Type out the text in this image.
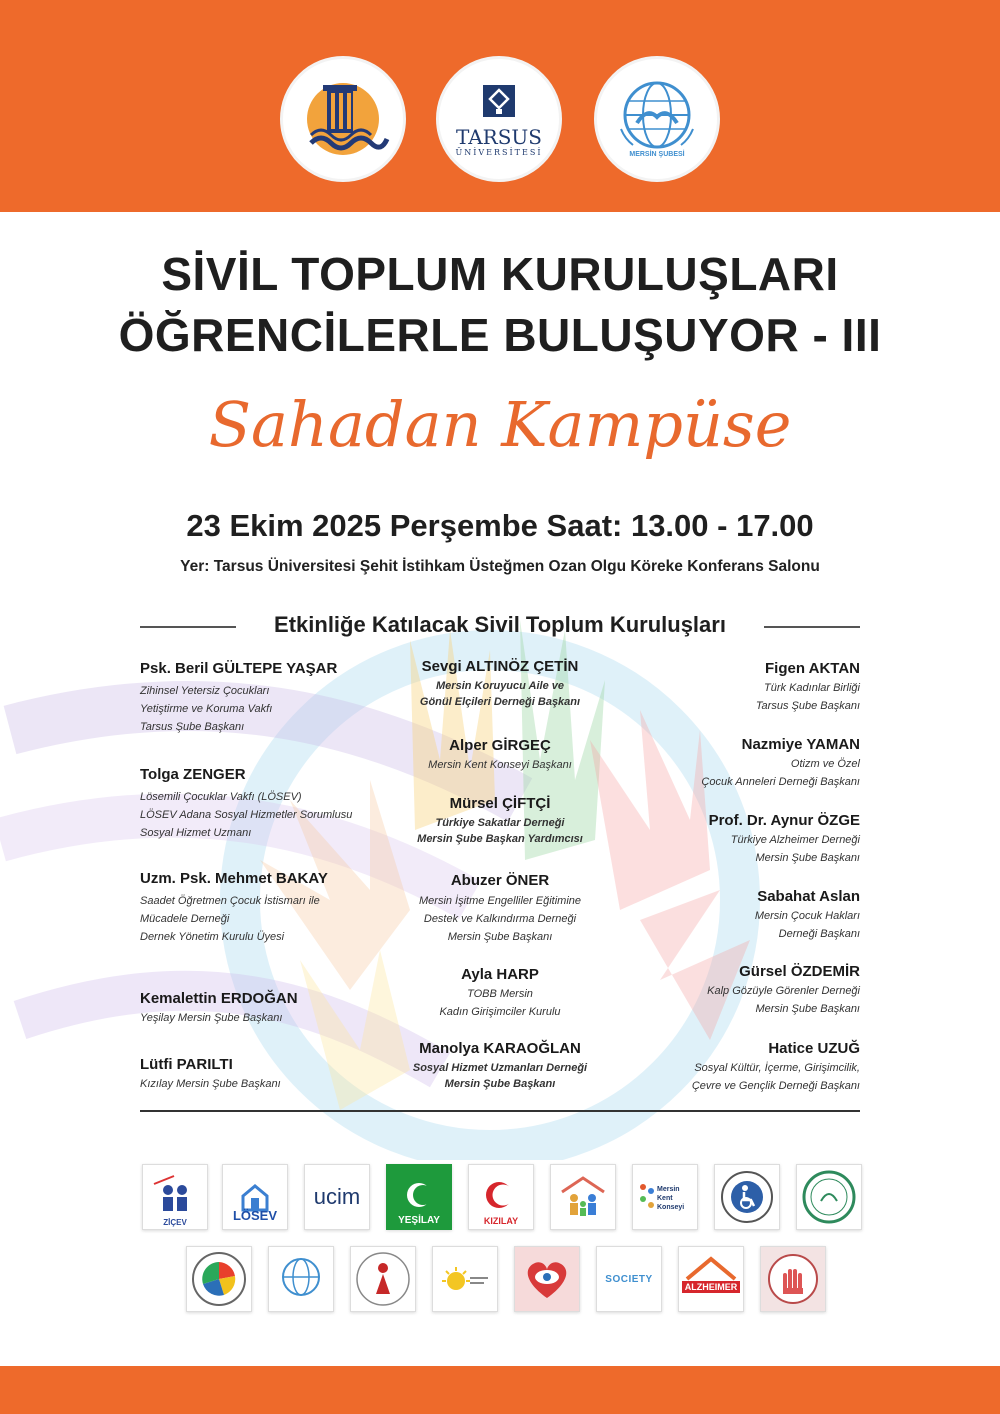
TARSUS
ÜNİVERSİTESİ	MERSİN ŞUBESİ
SİVİL TOPLUM KURULUŞLARI
ÖĞRENCİLERLE BULUŞUYOR - III
Sahadan Kampüse
23 Ekim 2025 Perşembe Saat: 13.00 - 17.00
Yer: Tarsus Üniversitesi Şehit İstihkam Üsteğmen Ozan Olgu Köreke Konferans Salonu
Etkinliğe Katılacak Sivil Toplum Kuruluşları
Psk. Beril GÜLTEPE YAŞAR
Zihinsel Yetersiz Çocukları
Yetiştirme ve Koruma Vakfı
Tarsus Şube Başkanı
Tolga ZENGER
Lösemili Çocuklar Vakfı (LÖSEV)
LÖSEV Adana Sosyal Hizmetler Sorumlusu
Sosyal Hizmet Uzmanı
Uzm. Psk. Mehmet BAKAY
Saadet Öğretmen Çocuk İstismarı ile
Mücadele Derneği
Dernek Yönetim Kurulu Üyesi
Kemalettin ERDOĞAN
Yeşilay Mersin Şube Başkanı
Lütfi PARILTI
Kızılay Mersin Şube Başkanı
Sevgi ALTINÖZ ÇETİN
Mersin Koruyucu Aile ve
Gönül Elçileri Derneği Başkanı
Alper GİRGEÇ
Mersin Kent Konseyi Başkanı
Mürsel ÇİFTÇİ
Türkiye Sakatlar Derneği
Mersin Şube Başkan Yardımcısı
Abuzer ÖNER
Mersin İşitme Engelliler Eğitimine
Destek ve Kalkındırma Derneği
Mersin Şube Başkanı
Ayla HARP
TOBB Mersin
Kadın Girişimciler Kurulu
Manolya KARAOĞLAN
Sosyal Hizmet Uzmanları Derneği
Mersin Şube Başkanı
Figen AKTAN
Türk Kadınlar Birliği
Tarsus Şube Başkanı
Nazmiye YAMAN
Otizm ve Özel
Çocuk Anneleri Derneği Başkanı
Prof. Dr. Aynur ÖZGE
Türkiye Alzheimer Derneği
Mersin Şube Başkanı
Sabahat Aslan
Mersin Çocuk Hakları
Derneği Başkanı
Gürsel ÖZDEMİR
Kalp Gözüyle Görenler Derneği
Mersin Şube Başkanı
Hatice UZUĞ
Sosyal Kültür, İçerme, Girişimcilik,
Çevre ve Gençlik Derneği Başkanı
ZİÇEV	LÖSEV
ucim
YEŞİLAY	KIZILAY
Mersin Kent Konseyi
SOCIETY
ALZHEIMER
